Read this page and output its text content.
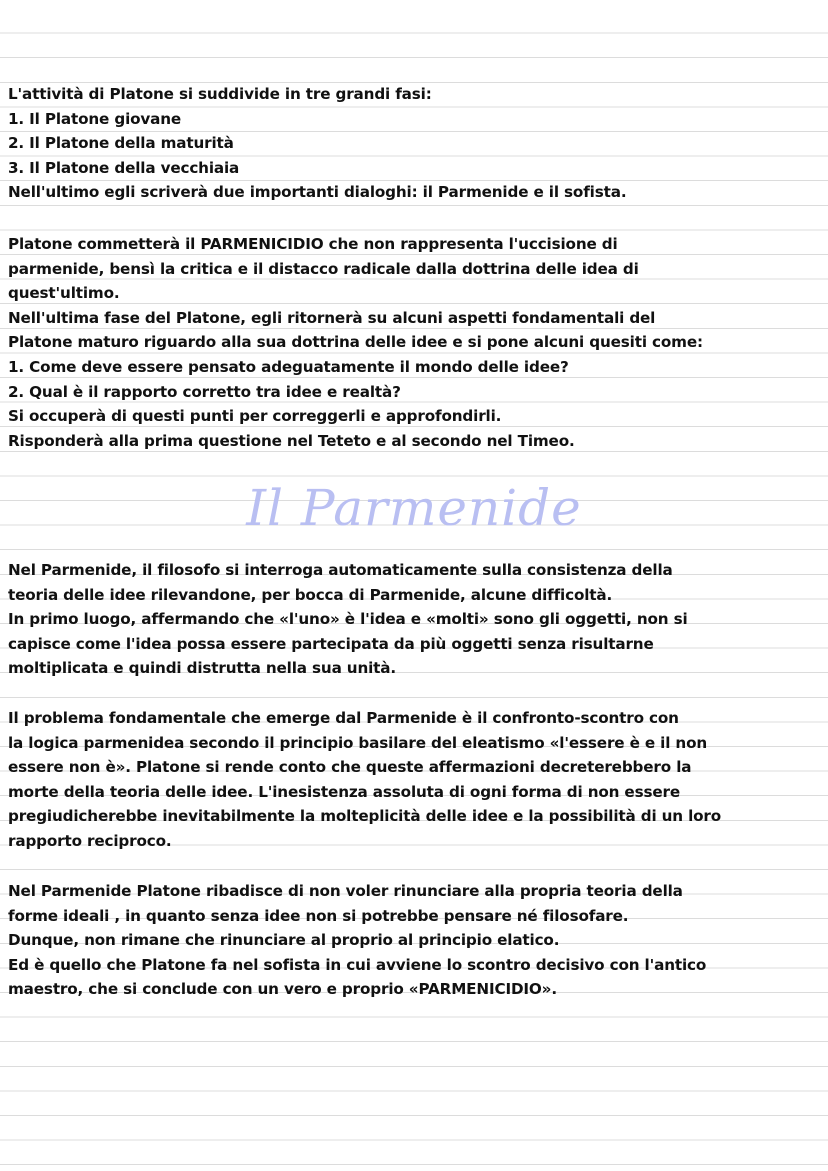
L'attività di Platone si suddivide in tre grandi fasi:
1. Il Platone giovane
2. Il Platone della maturità
3. Il Platone della vecchiaia
Nell'ultimo egli scriverà due importanti dialoghi: il Parmenide e il sofista.
Platone commetterà il PARMENICIDIO che non rappresenta l'uccisione di
parmenide, bensì la critica e il distacco radicale dalla dottrina delle idea di
quest'ultimo.
Nell'ultima fase del Platone, egli ritornerà su alcuni aspetti fondamentali del
Platone maturo riguardo alla sua dottrina delle idee e si pone alcuni quesiti come:
1. Come deve essere pensato adeguatamente il mondo delle idee?
2. Qual è il rapporto corretto tra idee e realtà?
Si occuperà di questi punti per correggerli e approfondirli.
Risponderà alla prima questione nel Teteto e al secondo nel Timeo.
Il Parmenide
Nel Parmenide, il filosofo si interroga automaticamente sulla consistenza della
teoria delle idee rilevandone, per bocca di Parmenide, alcune difficoltà.
In primo luogo, affermando che «l'uno» è l'idea e «molti» sono gli oggetti, non si
capisce come l'idea possa essere partecipata da più oggetti senza risultarne
moltiplicata e quindi distrutta nella sua unità.
Il problema fondamentale che emerge dal Parmenide è il confronto-scontro con
la logica parmenidea secondo il principio basilare del eleatismo «l'essere è e il non
essere non è». Platone si rende conto che queste affermazioni decreterebbero la
morte della teoria delle idee. L'inesistenza assoluta di ogni forma di non essere
pregiudicherebbe inevitabilmente la molteplicità delle idee e la possibilità di un loro
rapporto reciproco.
Nel Parmenide Platone ribadisce di non voler rinunciare alla propria teoria della
forme ideali , in quanto senza idee non si potrebbe pensare né filosofare.
Dunque, non rimane che rinunciare al proprio al principio elatico.
Ed è quello che Platone fa nel sofista in cui avviene lo scontro decisivo con l'antico
maestro, che si conclude con un vero e proprio «PARMENICIDIO».
